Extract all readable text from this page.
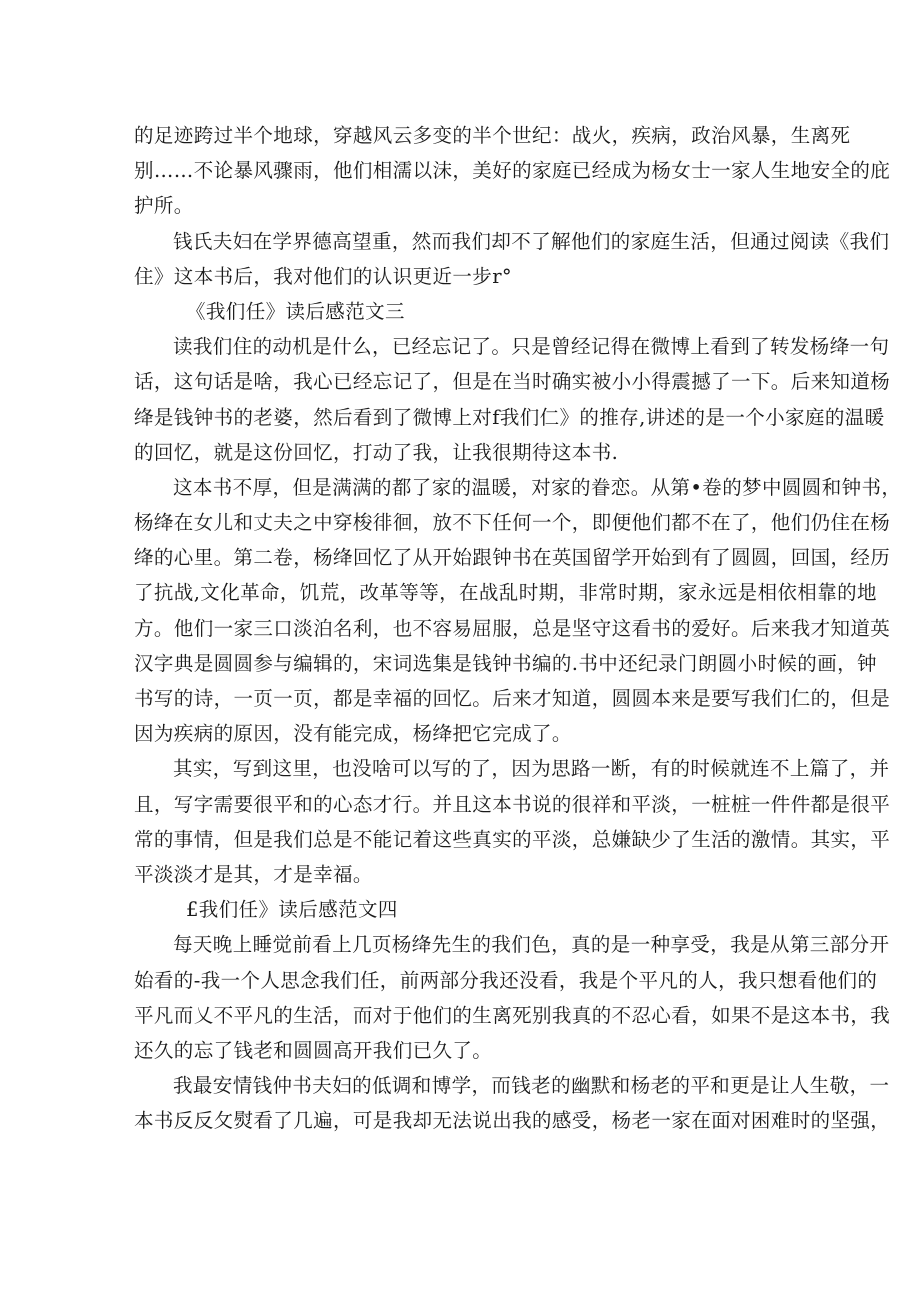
的足迹跨过半个地球，穿越风云多变的半个世纪：战火，疾病，政治风暴，生离死
别……不论暴风骤雨，他们相濡以沫，美好的家庭已经成为杨女士一家人生地安全的庇
护所。
钱氏夫妇在学界德高望重，然而我们却不了解他们的家庭生活，但通过阅读《我们
住》这本书后，我对他们的认识更近一步r°
《我们任》读后感范文三
读我们住的动机是什么，已经忘记了。只是曾经记得在微博上看到了转发杨绛一句
话，这句话是啥，我心已经忘记了，但是在当时确实被小小得震撼了一下。后来知道杨
绛是钱钟书的老婆，然后看到了微博上对f我们仁》的推存,讲述的是一个小家庭的温暖
的回忆，就是这份回忆，打动了我，让我很期待这本书.
这本书不厚，但是满满的都了家的温暖，对家的眷恋。从第•卷的梦中圆圆和钟书，
杨绛在女儿和丈夫之中穿梭徘徊，放不下任何一个，即便他们都不在了，他们仍住在杨
绛的心里。第二卷，杨绛回忆了从开始跟钟书在英国留学开始到有了圆圆，回国，经历
了抗战,文化革命，饥荒，改革等等，在战乱时期，非常时期，家永远是相依相靠的地
方。他们一家三口淡泊名利，也不容易屈服，总是坚守这看书的爱好。后来我才知道英
汉字典是圆圆参与编辑的，宋词选集是钱钟书编的.书中还纪录门朗圆小时候的画，钟
书写的诗，一页一页，都是幸福的回忆。后来才知道，圆圆本来是要写我们仁的，但是
因为疾病的原因，没有能完成，杨绛把它完成了。
其实，写到这里，也没啥可以写的了，因为思路一断，有的时候就连不上篇了，并
且，写字需要很平和的心态才行。并且这本书说的很祥和平淡，一桩桩一件件都是很平
常的事情，但是我们总是不能记着这些真实的平淡，总嫌缺少了生活的激情。其实，平
平淡淡才是其，才是幸福。
£我们任》读后感范文四
每天晚上睡觉前看上几页杨绛先生的我们色，真的是一种享受，我是从第三部分开
始看的-我一个人思念我们任，前两部分我还没看，我是个平凡的人，我只想看他们的
平凡而乂不平凡的生活，而对于他们的生离死别我真的不忍心看，如果不是这本书，我
还久的忘了钱老和圆圆高开我们已久了。
我最安情钱仲书夫妇的低调和博学，而钱老的幽默和杨老的平和更是让人生敬，一
本书反反攵熨看了几遍，可是我却无法说出我的感受，杨老一家在面对困难时的坚强，
